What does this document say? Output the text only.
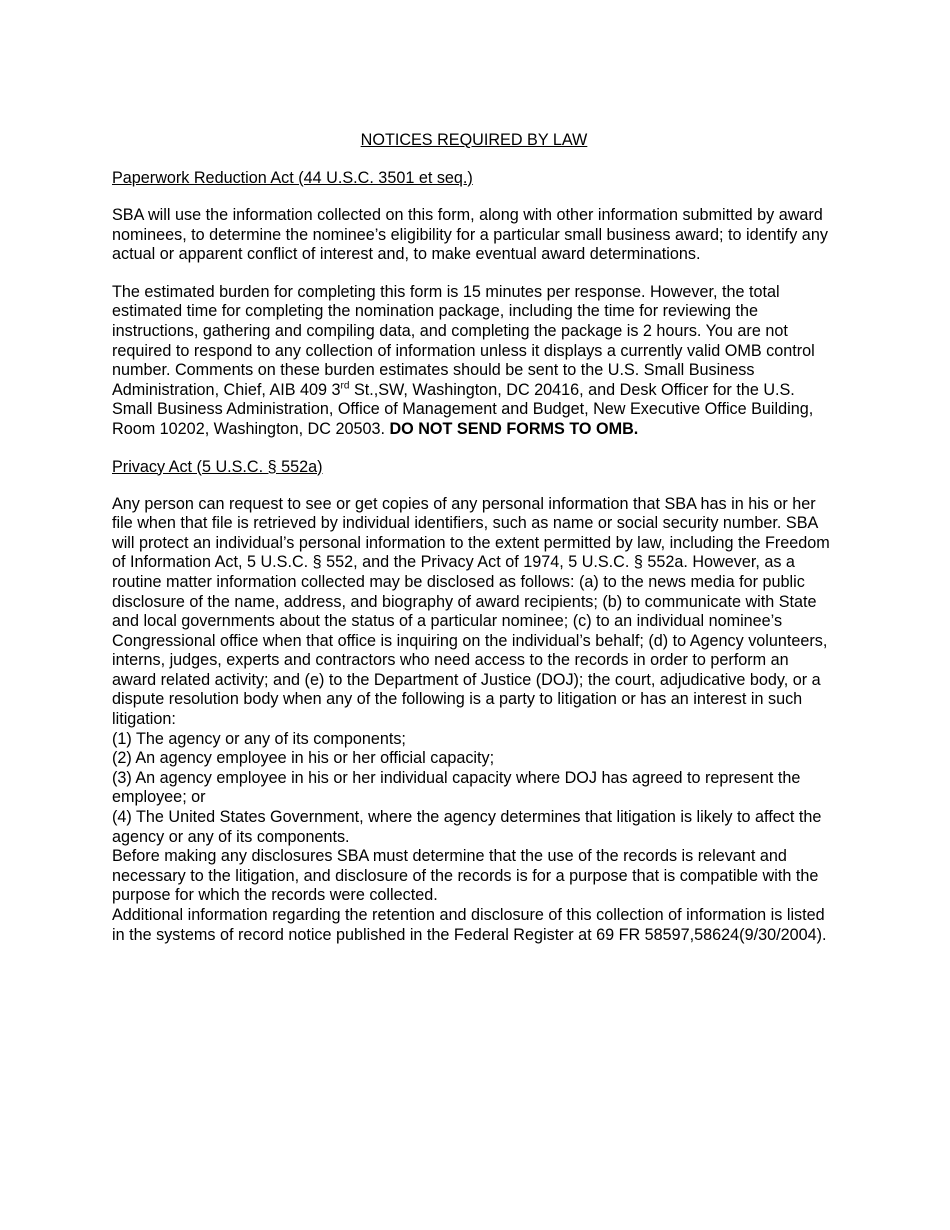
NOTICES REQUIRED BY LAW
Paperwork Reduction Act (44 U.S.C. 3501 et seq.)

SBA will use the information collected on this form, along with other information submitted by award nominees, to determine the nominee’s eligibility for a particular small business award; to identify any actual or apparent conflict of interest and, to make eventual award determinations.

The estimated burden for completing this form is 15 minutes per response. However, the total estimated time for completing the nomination package, including the time for reviewing the instructions, gathering and compiling data, and completing the package is 2 hours. You are not required to respond to any collection of information unless it displays a currently valid OMB control number. Comments on these burden estimates should be sent to the U.S. Small Business Administration, Chief, AIB 409 3rd St.,SW, Washington, DC 20416, and Desk Officer for the U.S. Small Business Administration, Office of Management and Budget, New Executive Office Building, Room 10202, Washington, DC 20503. DO NOT SEND FORMS TO OMB.

Privacy Act (5 U.S.C. § 552a)

Any person can request to see or get copies of any personal information that SBA has in his or her file when that file is retrieved by individual identifiers, such as name or social security number. SBA will protect an individual’s personal information to the extent permitted by law, including the Freedom of Information Act, 5 U.S.C. § 552, and the Privacy Act of 1974, 5 U.S.C. § 552a. However, as a routine matter information collected may be disclosed as follows: (a) to the news media for public disclosure of the name, address, and biography of award recipients; (b) to communicate with State and local governments about the status of a particular nominee; (c) to an individual nominee’s Congressional office when that office is inquiring on the individual’s behalf; (d) to Agency volunteers, interns, judges, experts and contractors who need access to the records in order to perform an award related activity; and (e) to the Department of Justice (DOJ); the court, adjudicative body, or a dispute resolution body when any of the following is a party to litigation or has an interest in such litigation:

(1) The agency or any of its components;

(2) An agency employee in his or her official capacity;

(3) An agency employee in his or her individual capacity where DOJ has agreed to represent the employee; or

(4) The United States Government, where the agency determines that litigation is likely to affect the agency or any of its components.

Before making any disclosures SBA must determine that the use of the records is relevant and necessary to the litigation, and disclosure of the records is for a purpose that is compatible with the purpose for which the records were collected.

Additional information regarding the retention and disclosure of this collection of information is listed in the systems of record notice published in the Federal Register at 69 FR 58597,58624(9/30/2004).
